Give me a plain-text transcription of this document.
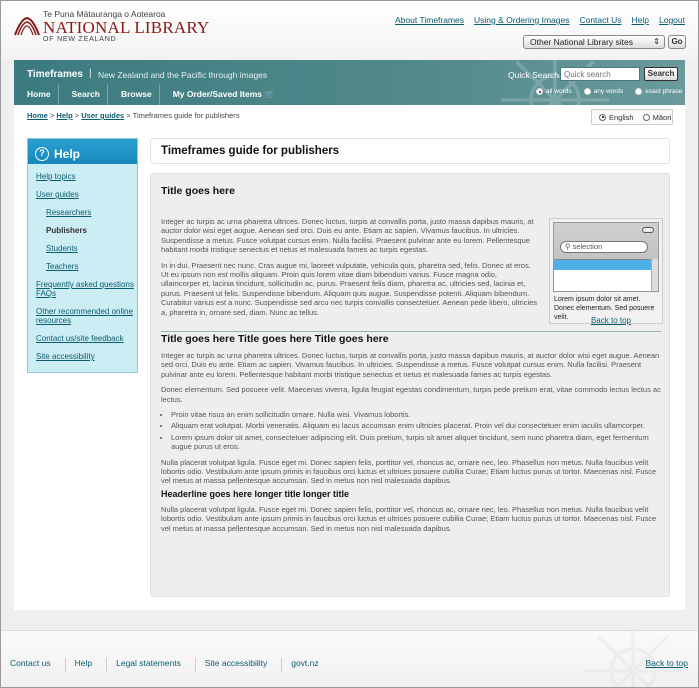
Te Puna Mātauranga o Aotearoa
NATIONAL LIBRARY
OF NEW ZEALAND
About Timeframes Using & Ordering Images Contact Us Help Logout
Other National Library sites	⇕	Go
Timeframes | New Zealand and the Pacific through images
Home	Search	Browse	My Order/Saved Items 🛒
Quick Search
Quick search	Search
all words	any words	exact phrase
Home > Help > User guides > Timeframes guide for publishers	English	Māori
? Help
Help topics
User guides
Researchers
Publishers
Students
Teachers
Frequently asked questions FAQs
Other recommended online resources
Contact us/site feedback
Site accessibility
Timeframes guide for publishers
Title goes here

Integer ac turpis ac urna pharetra ultrices. Donec luctus, turpis at convallis porta, justo massa dapibus mauris, at auctor dolor wisi eget augue. Aenean sed orci. Duis eu ante. Etiam ac sapien. Vivamus faucibus. In ultricies. Suspendisse a metus. Fusce volutpat cursus enim. Nulla facilisi. Praesent pulvinar ante eu lorem. Pellentesque habitant morbi tristique senectus et netus et malesuada fames ac turpis egestas.

In in dui. Praesent nec nunc. Cras augue mi, laoreet vulputate, vehicula quis, pharetra sed, felis. Donec at eros. Ut eu ipsum non est mollis aliquam. Proin quis lorem vitae diam bibendum varius. Fusce magna odio, ullamcorper et, lacinia tincidunt, sollicitudin ac, purus. Praesent felis diam, pharetra ac, ultricies sed, lacinia et, purus. Praesent ut felis. Suspendisse bibendum. Aliquam quis augue. Suspendisse potenti. Aliquam bibendum. Curabitur varius est a nunc. Suspendisse sed arcu nec turpis convallis consectetuer. Aenean pede libero, ultricies a, pharetra in, ornare sed, diam. Nunc ac tellus.

⚲ selection
Lorem ipsum dolor sit amet. Donec elementum. Sed posuere velit.	Back to top
Title goes here Title goes here Title goes here

Integer ac turpis ac urna pharetra ultrices. Donec luctus, turpis at convallis porta, justo massa dapibus mauris, at auctor dolor wisi eget augue. Aenean sed orci. Duis eu ante. Etiam ac sapien. Vivamus faucibus. In ultricies. Suspendisse a metus. Fusce volutpat cursus enim. Nulla facilisi. Praesent pulvinar ante eu lorem. Pellentesque habitant morbi tristique senectus et netus et malesuada fames ac turpis egestas.

Donec elementum. Sed posuere velit. Maecenas viverra, ligula feugiat egestas condimentum, turpis pede pretium erat, vitae commodo lectus lectus ac lectus.

• Proin vitae risus an enim sollicitudin ornare. Nulla wisi. Vivamus lobortis.
• Aliquam erat volutpat. Morbi venenatis. Aliquam eu lacus accumsan enim ultricies placerat. Proin vel dui consectetuer enim iaculis ullamcorper.
• Lorem ipsum dolor sit amet, consectetuer adipiscing elit. Duis pretium, turpis sit amet aliquet tincidunt, sem nunc pharetra diam, eget fermentum augue purus ut eros.

Nulla placerat volutpat ligula. Fusce eget mi. Donec sapien felis, porttitor vel, rhoncus ac, ornare nec, leo. Phasellus non metus. Nulla faucibus velit lobortis odio. Vestibulum ante ipsum primis in faucibus orci luctus et ultrices posuere cubilia Curae; Etiam luctus purus ut tortor. Maecenas nisl. Fusce vel metus at massa pellentesque accumsan. Sed in metus non nisl malesuada dapibus.

Headerline goes here longer title longer title

Nulla placerat volutpat ligula. Fusce eget mi. Donec sapien felis, porttitor vel, rhoncus ac, ornare nec, leo. Phasellus non metus. Nulla faucibus velit lobortis odio. Vestibulum ante ipsum primis in faucibus orci luctus et ultrices posuere cubilia Curae; Etiam luctus purus ut tortor. Maecenas nisl. Fusce vel metus at massa pellentesque accumsan. Sed in metus non nisl malesuada dapibus.

Contact us	Help	Legal statements	Site accessibility	govt.nz	Back to top
